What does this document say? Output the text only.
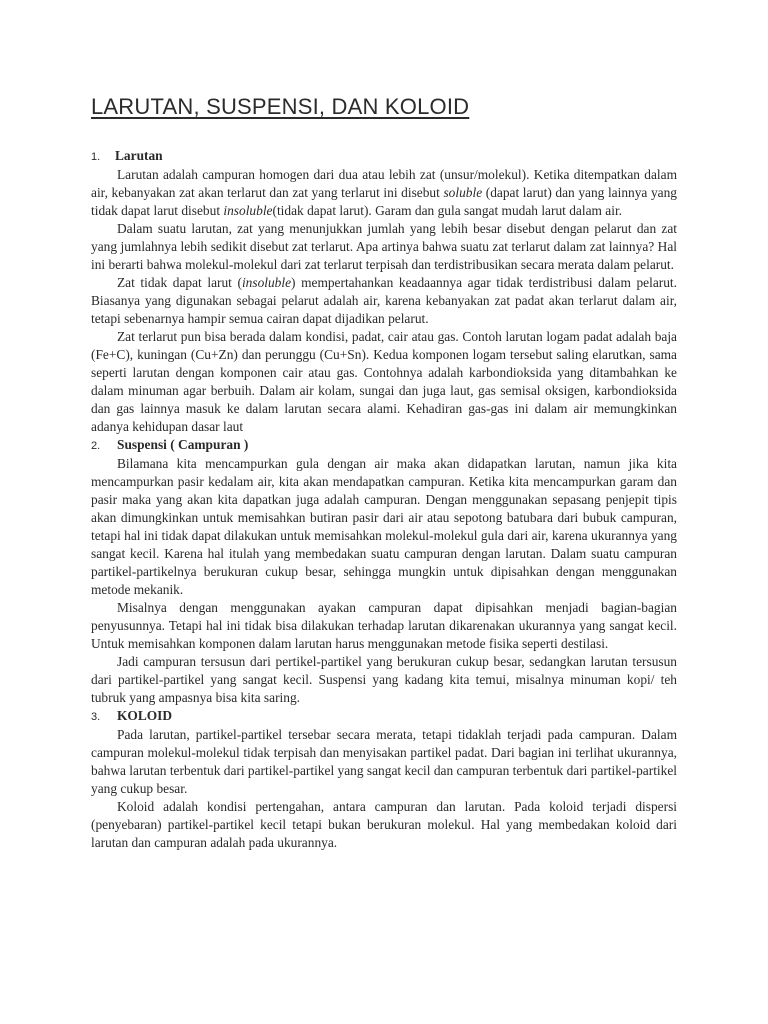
LARUTAN, SUSPENSI, DAN KOLOID
1.	Larutan

Larutan adalah campuran homogen dari dua atau lebih zat (unsur/molekul). Ketika ditempatkan dalam air, kebanyakan zat akan terlarut dan zat yang terlarut ini disebut soluble (dapat larut) dan yang lainnya yang tidak dapat larut disebut insoluble(tidak dapat larut). Garam dan gula sangat mudah larut dalam air.

Dalam suatu larutan, zat yang menunjukkan jumlah yang lebih besar disebut dengan pelarut dan zat yang jumlahnya lebih sedikit disebut zat terlarut. Apa artinya bahwa suatu zat terlarut dalam zat lainnya? Hal ini berarti bahwa molekul-molekul dari zat terlarut terpisah dan terdistribusikan secara merata dalam pelarut.

Zat tidak dapat larut (insoluble) mempertahankan keadaannya agar tidak terdistribusi dalam pelarut. Biasanya yang digunakan sebagai pelarut adalah air, karena kebanyakan zat padat akan terlarut dalam air, tetapi sebenarnya hampir semua cairan dapat dijadikan pelarut.

Zat terlarut pun bisa berada dalam kondisi, padat, cair atau gas. Contoh larutan logam padat adalah baja (Fe+C), kuningan (Cu+Zn) dan perunggu (Cu+Sn). Kedua komponen logam tersebut saling elarutkan, sama seperti larutan dengan komponen cair atau gas. Contohnya adalah karbondioksida yang ditambahkan ke dalam minuman agar berbuih. Dalam air kolam, sungai dan juga laut, gas semisal oksigen, karbondioksida dan gas lainnya masuk ke dalam larutan secara alami. Kehadiran gas-gas ini dalam air memungkinkan adanya kehidupan dasar laut

2.	Suspensi ( Campuran )

Bilamana kita mencampurkan gula dengan air maka akan didapatkan larutan, namun jika kita mencampurkan pasir kedalam air, kita akan mendapatkan campuran. Ketika kita mencampurkan garam dan pasir maka yang akan kita dapatkan juga adalah campuran. Dengan menggunakan sepasang penjepit tipis akan dimungkinkan untuk memisahkan butiran pasir dari air atau sepotong batubara dari bubuk campuran, tetapi hal ini tidak dapat dilakukan untuk memisahkan molekul-molekul gula dari air, karena ukurannya yang sangat kecil. Karena hal itulah yang membedakan suatu campuran dengan larutan. Dalam suatu campuran partikel-partikelnya berukuran cukup besar, sehingga mungkin untuk dipisahkan dengan menggunakan metode mekanik.

Misalnya dengan menggunakan ayakan campuran dapat dipisahkan menjadi bagian-bagian penyusunnya. Tetapi hal ini tidak bisa dilakukan terhadap larutan dikarenakan ukurannya yang sangat kecil. Untuk memisahkan komponen dalam larutan harus menggunakan metode fisika seperti destilasi.

Jadi campuran tersusun dari pertikel-partikel yang berukuran cukup besar, sedangkan larutan tersusun dari partikel-partikel yang sangat kecil. Suspensi yang kadang kita temui, misalnya minuman kopi/ teh tubruk yang ampasnya bisa kita saring.

3.	KOLOID

Pada larutan, partikel-partikel tersebar secara merata, tetapi tidaklah terjadi pada campuran. Dalam campuran molekul-molekul tidak terpisah dan menyisakan partikel padat. Dari bagian ini terlihat ukurannya, bahwa larutan terbentuk dari partikel-partikel yang sangat kecil dan campuran terbentuk dari partikel-partikel yang cukup besar.

Koloid adalah kondisi pertengahan, antara campuran dan larutan. Pada koloid terjadi dispersi (penyebaran) partikel-partikel kecil tetapi bukan berukuran molekul. Hal yang membedakan koloid dari larutan dan campuran adalah pada ukurannya.
